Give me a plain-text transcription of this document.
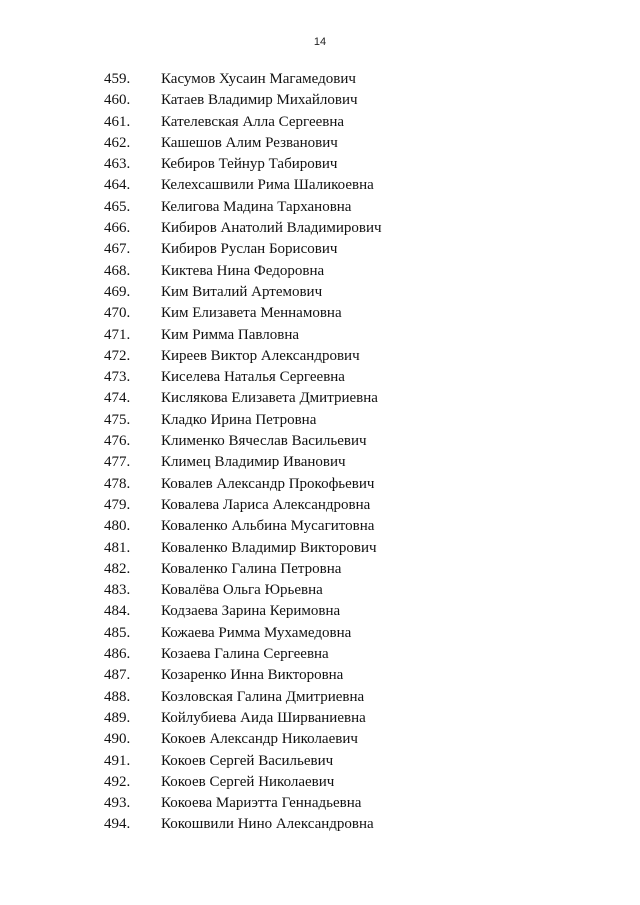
14
459. Касумов Хусаин Магамедович
460. Катаев Владимир Михайлович
461. Кателевская Алла Сергеевна
462. Кашешов Алим Резванович
463. Кебиров Тейнур Табирович
464. Келехсашвили Рима Шаликоевна
465. Келигова Мадина Тархановна
466. Кибиров Анатолий Владимирович
467. Кибиров Руслан Борисович
468. Киктева Нина Федоровна
469. Ким Виталий Артемович
470. Ким Елизавета Меннамовна
471. Ким Римма Павловна
472. Киреев Виктор Александрович
473. Киселева Наталья Сергеевна
474. Кислякова Елизавета Дмитриевна
475. Кладко Ирина Петровна
476. Клименко Вячеслав Васильевич
477. Климец Владимир Иванович
478. Ковалев Александр Прокофьевич
479. Ковалева Лариса Александровна
480. Коваленко Альбина Мусагитовна
481. Коваленко Владимир Викторович
482. Коваленко Галина Петровна
483. Ковалёва Ольга Юрьевна
484. Кодзаева Зарина Керимовна
485. Кожаева Римма Мухамедовна
486. Козаева Галина Сергеевна
487. Козаренко Инна Викторовна
488. Козловская Галина Дмитриевна
489. Койлубиева Аида Ширваниевна
490. Кокоев Александр Николаевич
491. Кокоев Сергей Васильевич
492. Кокоев Сергей Николаевич
493. Кокоева Мариэтта Геннадьевна
494. Кокошвили Нино Александровна
